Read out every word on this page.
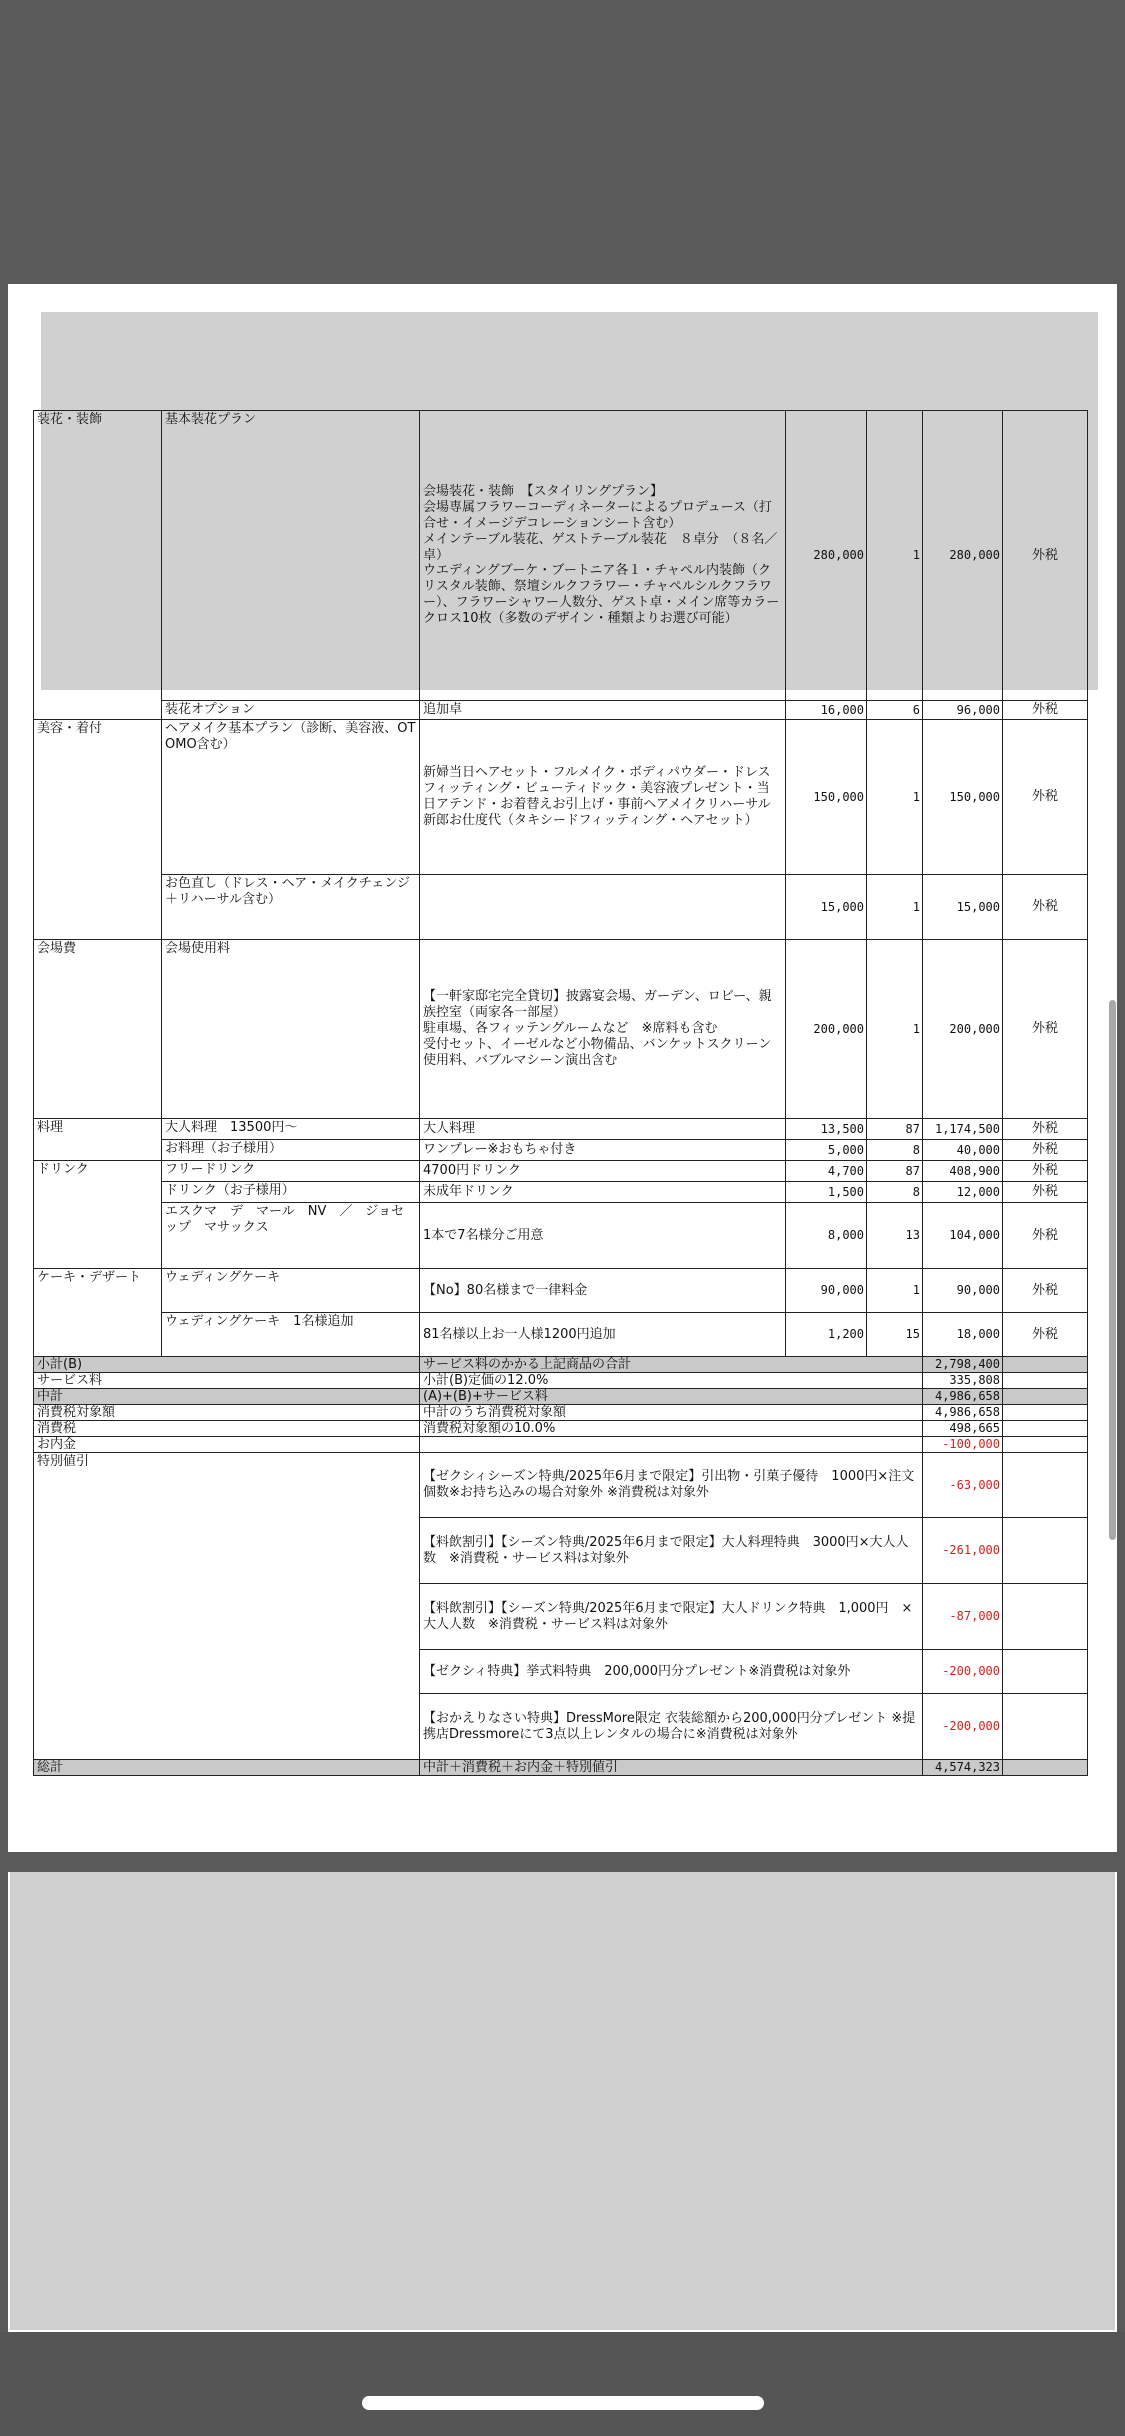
装花・装飾	基本装花プラン	会場装花・装飾　【スタイリングプラン】
会場専属フラワーコーディネーターによるプロデュース（打合せ・イメージデコレーションシート含む）
メインテーブル装花、ゲストテーブル装花　８卓分　（８名／卓）
ウエディングブーケ・ブートニア各１・チャペル内装飾（クリスタル装飾、祭壇シルクフラワー・チャペルシルクフラワー）、フラワーシャワー人数分、ゲスト卓・メイン席等カラークロス10枚（多数のデザイン・種類よりお選び可能）	280,000	1	280,000	外税
	装花オプション	追加卓	16,000	6	96,000	外税
美容・着付	ヘアメイク基本プラン（診断、美容液、OTOMO含む）	新婦当日ヘアセット・フルメイク・ボディパウダー・ドレスフィッティング・ビューティドック・美容液プレゼント・当日アテンド・お着替えお引上げ・事前ヘアメイクリハーサル
新郎お仕度代（タキシードフィッティング・ヘアセット）	150,000	1	150,000	外税
	お色直し（ドレス・ヘア・メイクチェンジ＋リハーサル含む）		15,000	1	15,000	外税
会場費	会場使用料	【一軒家邸宅完全貸切】披露宴会場、ガーデン、ロビー、親族控室（両家各一部屋）
駐車場、各フィッテングルームなど　※席料も含む
受付セット、イーゼルなど小物備品、バンケットスクリーン使用料、バブルマシーン演出含む	200,000	1	200,000	外税
料理	大人料理　13500円〜	大人料理	13,500	87	1,174,500	外税
	お料理（お子様用）	ワンプレー※おもちゃ付き	5,000	8	40,000	外税
ドリンク	フリードリンク	4700円ドリンク	4,700	87	408,900	外税
	ドリンク（お子様用）	未成年ドリンク	1,500	8	12,000	外税
	エスクマ　デ　マール　NV　／　ジョセップ　マサックス	1本で7名様分ご用意	8,000	13	104,000	外税
ケーキ・デザート	ウェディングケーキ	【No】80名様まで一律料金	90,000	1	90,000	外税
	ウェディングケーキ　1名様追加	81名様以上お一人様1200円追加	1,200	15	18,000	外税
小計(B)		サービス料のかかる上記商品の合計			2,798,400	
サービス料		小計(B)定価の12.0%			335,808	
中計		(A)+(B)+サービス料			4,986,658	
消費税対象額		中計のうち消費税対象額			4,986,658	
消費税		消費税対象額の10.0%			498,665	
お内金					-100,000	
特別値引		【ゼクシィシーズン特典/2025年6月まで限定】引出物・引菓子優待　1000円×注文個数※お持ち込みの場合対象外 ※消費税は対象外			-63,000	
		【料飲割引】【シーズン特典/2025年6月まで限定】大人料理特典　3000円×大人人数　※消費税・サービス料は対象外			-261,000	
		【料飲割引】【シーズン特典/2025年6月まで限定】大人ドリンク特典　1,000円　×　大人人数　※消費税・サービス料は対象外			-87,000	
		【ゼクシィ特典】挙式料特典　200,000円分プレゼント※消費税は対象外			-200,000	
		【おかえりなさい特典】DressMore限定 衣装総額から200,000円分プレゼント ※提携店Dressmoreにて3点以上レンタルの場合に※消費税は対象外			-200,000	
総計		中計＋消費税＋お内金＋特別値引			4,574,323	
